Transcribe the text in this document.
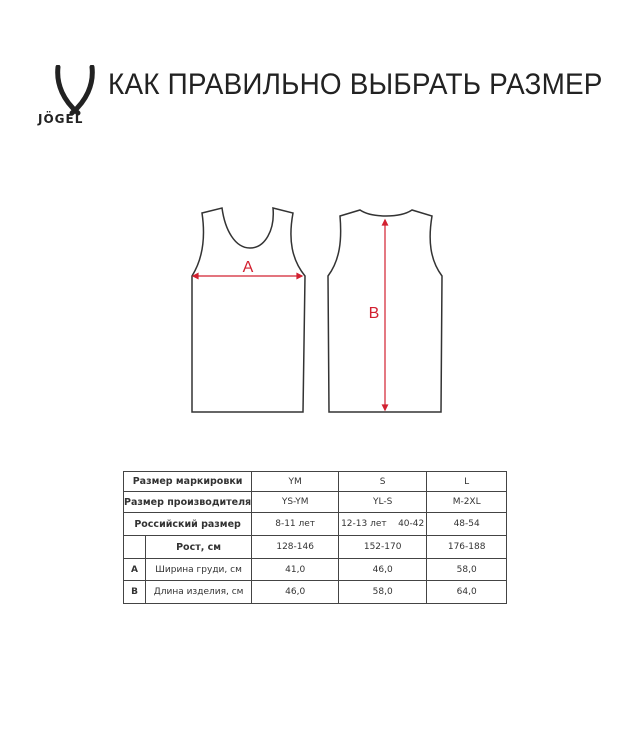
JÖGEL
КАК ПРАВИЛЬНО ВЫБРАТЬ РАЗМЕР
A
B
Размер маркировки		YM	S	L
Размер производителя		YS-YM	YL-S	M-2XL
Российский размер		8-11 лет	12-13 лет    40-42	48-54
	Рост, см	128-146	152-170	176-188
A	Ширина груди, см	41,0	46,0	58,0
B	Длина изделия, см	46,0	58,0	64,0
